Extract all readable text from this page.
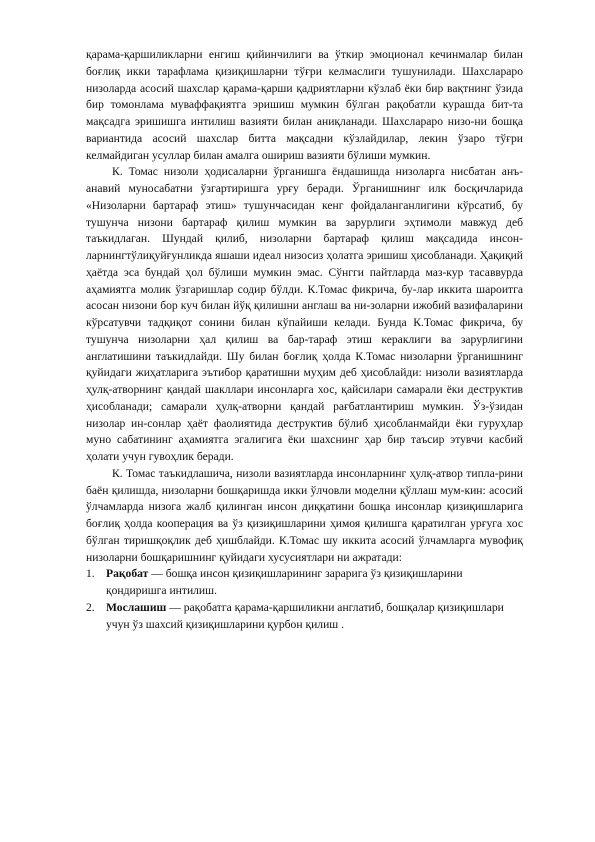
қарама-қаршиликларни енгиш қийинчилиги ва ўткир эмоционал кечинмалар билан боғлиқ икки тарафлама қизиқишларни тўғри келмаслиги тушунилади. Шахслараро низоларда асосий шахслар қарама-қарши қадриятларни кўзлаб ёки бир вақтнинг ўзида бир томонлама муваффақиятга эришиш мумкин бўлган рақобатли курашда бит-та мақсадга эришишга интилиш вазияти билан аниқланади. Шахслараро низо-ни бошқа вариантида асосий шахслар битта мақсадни кўзлайдилар, лекин ўзаро тўғри келмайдиган усуллар билан амалга ошириш вазияти бўлиши мумкин.

К. Томас низоли ҳодисаларни ўрганишга ёндашишда низоларга нисбатан анъ-анавий муносабатни ўзгартиришга урғу беради. Ўрганишнинг илк босқичларида «Низоларни бартараф этиш» тушунчасидан кенг фойдаланганлигини кўрсатиб, бу тушунча низони бартараф қилиш мумкин ва зарурлиги эҳтимоли мавжуд деб таъкидлаган. Шундай қилиб, низоларни бартараф қилиш мақсадида инсон-ларнингтўлиқуйғунликда яшаши идеал низосиз ҳолатга эришиш ҳисобланади. Ҳақиқий ҳаётда эса бундай ҳол бўлиши мумкин эмас. Сўнгги пайтларда маз-кур тасаввурда аҳамиятга молик ўзгаришлар содир бўлди. К.Томас фикрича, бу-лар иккита шароитга асосан низони бор куч билан йўқ қилишни англаш ва ни-золарни ижобий вазифаларини кўрсатувчи тадқиқот сонини билан кўпайиши келади. Бунда К.Томас фикрича, бу тушунча низоларни ҳал қилиш ва бар-тараф этиш кераклиги ва зарурлигини англатишини таъкидлайди. Шу билан боғлиқ ҳолда К.Томас низоларни ўрганишнинг қуйидаги жиҳатларига эътибор қаратишни муҳим деб ҳисоблайди: низоли вазиятларда ҳулқ-атворнинг қандай шакллари инсонларга хос, қайсилари самарали ёки деструктив ҳисобланади; самарали ҳулқ-атворни қандай рағбатлантириш мумкин. Ўз-ўзидан низолар ин-сонлар ҳаёт фаолиятида деструктив бўлиб ҳисобланмайди ёки гуруҳлар муно сабатининг аҳамиятга эгалигига ёки шахснинг ҳар бир таъсир этувчи касбий ҳолати учун гувоҳлик беради.

К. Томас таъкидлашича, низоли вазиятларда инсонларнинг ҳулқ-атвор типла-рини баён қилишда, низоларни бошқаришда икки ўлчовли моделни қўллаш мум-кин: асосий ўлчамларда низога жалб қилинган инсон диққатини бошқа инсонлар қизиқишларига боғлиқ ҳолда кооперация ва ўз қизиқишларини ҳимоя қилишга қаратилган урғуга хос бўлган тиришқоқлик деб ҳишблайди. К.Томас шу иккита асосий ўлчамларга мувофиқ низоларни бошқаришнинг қуйидаги хусусиятлари ни ажратади:

1. Рақобат — бошқа инсон қизиқишларининг зарарига ўз қизиқишларини қондиришга интилиш.
2. Мослашиш — рақобатга қарама-қаршиликни англатиб, бошқалар қизиқишлари учун ўз шахсий қизиқишларини қурбон қилиш .
